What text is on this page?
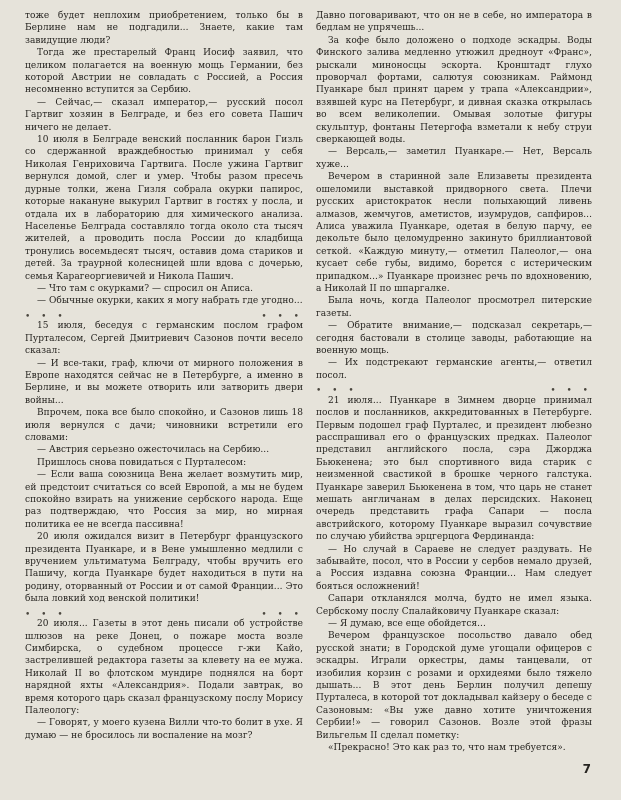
тоже будет неплохим приобретением, только бы в Берлине нам не подгадили... Знаете, какие там завидущие люди?

Тогда же престарелый Франц Иосиф заявил, что целиком полагается на военную мощь Германии, без которой Австрии не совладать с Россией, а Россия несомненно вступится за Сербию.

— Сейчас,— сказал император,— русский посол Гартвиг хозяин в Белграде, и без его совета Пашич ничего не делает.

10 июля в Белграде венский посланник барон Гизль со сдержанной враждебностью принимал у себя Николая Генриховича Гартвига. После ужина Гартвиг вернулся домой, слег и умер. Чтобы разом пресечь дурные толки, жена Гизля собрала окурки папирос, которые накануне выкурил Гартвиг в гостях у посла, и отдала их в лабораторию для химического анализа. Населенье Белграда составляло тогда около ста тысяч жителей, а проводить посла России до кладбища тронулись восемьдесят тысяч, оставив дома стариков и детей. За траурной колесницей шли вдова с дочерью, семья Карагеоргиевичей и Никола Пашич.

— Что там с окурками? — спросил он Аписа.

— Обычные окурки, каких я могу набрать где угодно...

• • •	• • •

15 июля, беседуя с германским послом графом Пурталесом, Сергей Дмитриевич Сазонов почти весело сказал:

— И все-таки, граф, ключи от мирного положения в Европе находятся сейчас не в Петербурге, а именно в Берлине, и вы можете отворить или затворить двери войны...

Впрочем, пока все было спокойно, и Сазонов лишь 18 июля вернулся с дачи; чиновники встретили его словами:

— Австрия серьезно ожесточилась на Сербию...

Пришлось снова повидаться с Пурталесом:

— Если ваша союзница Вена желает возмутить мир, ей предстоит считаться со всей Европой, а мы не будем спокойно взирать на унижение сербского народа. Еще раз подтверждаю, что Россия за мир, но мирная политика ее не всегда пассивна!

20 июля ожидался визит в Петербург французского президента Пуанкаре, и в Вене умышленно медлили с вручением ультиматума Белграду, чтобы вручить его Пашичу, когда Пуанкаре будет находиться в пути на родину, оторванный от России и от самой Франции... Это была ловкий ход венской политики!

• • •	• • •

20 июля... Газеты в этот день писали об устройстве шлюзов на реке Донец, о пожаре моста возле Симбирска, о судебном процессе г-жи Кайо, застрелившей редактора газеты за клевету на ее мужа. Николай II во флотском мундире поднялся на борт нарядной яхты «Александрия». Подали завтрак, во время которого царь сказал французскому послу Морису Палеологу:

— Говорят, у моего кузена Вилли что-то болит в ухе. Я думаю — не бросилось ли воспаление на мозг?

Давно поговаривают, что он не в себе, но императора в бедлам не упрячешь...

За кофе было доложено о подходе эскадры. Воды Финского залива медленно утюжил дредноут «Франс», рыскали миноносцы эскорта. Кронштадт глухо проворчал фортами, салютуя союзникам. Раймонд Пуанкаре был принят царем у трапа «Александрии», взявшей курс на Петербург, и дивная сказка открылась во всем великолепии. Омывая золотые фигуры скульптур, фонтаны Петергофа взметали к небу струи сверкающей воды.

— Версаль,— заметил Пуанкаре.— Нет, Версаль хуже...

Вечером в старинной зале Елизаветы президента ошеломили выставкой придворного света. Плечи русских аристократок несли полыхающий ливень алмазов, жемчугов, аметистов, изумрудов, сапфиров... Алиса уважила Пуанкаре, одетая в белую парчу, ее декольте было целомудренно закинуто бриллиантовой сеткой. «Каждую минуту,— отметил Палеолог,— она кусает себе губы, видимо, борется с истерическим припадком...» Пуанкаре произнес речь по вдохновению, а Николай II по шпаргалке.

Была ночь, когда Палеолог просмотрел питерские газеты.

— Обратите внимание,— подсказал секретарь,— сегодня бастовали в столице заводы, работающие на военную мощь.

— Их подстрекают германские агенты,— ответил посол.

• • •	• • •

21 июля... Пуанкаре в Зимнем дворце принимал послов и посланников, аккредитованных в Петербурге. Первым подошел граф Пурталес, и президент любезно расспрашивал его о французских предках. Палеолог представил английского посла, сэра Джорджа Бьюкенена; это был спортивного вида старик с неизменной свастикой в брошке черного галстука. Пуанкаре заверил Бьюкенена в том, что царь не станет мешать англичанам в делах персидских. Наконец очередь представить графа Сапари — посла австрийского, которому Пуанкаре выразил сочувствие по случаю убийства эрцгерцога Фердинанда:

— Но случай в Сараеве не следует раздувать. Не забывайте, посол, что в России у сербов немало друзей, а Россия издавна союзна Франции... Нам следует бояться осложнений!

Сапари откланялся молча, будто не имел языка. Сербскому послу Спалайковичу Пуанкаре сказал:

— Я думаю, все еще обойдется...

Вечером французское посольство давало обед русской знати; в Городской думе угощали офицеров с эскадры. Играли оркестры, дамы танцевали, от изобилия корзин с розами и орхидеями было тяжело дышать... В этот день Берлин получил депешу Пурталеса, в которой тот докладывал кайзеру о беседе с Сазоновым: «Вы уже давно хотите уничтожения Сербии!» — говорил Сазонов. Возле этой фразы Вильгельм II сделал пометку:

«Прекрасно! Это как раз то, что нам требуется».

7
